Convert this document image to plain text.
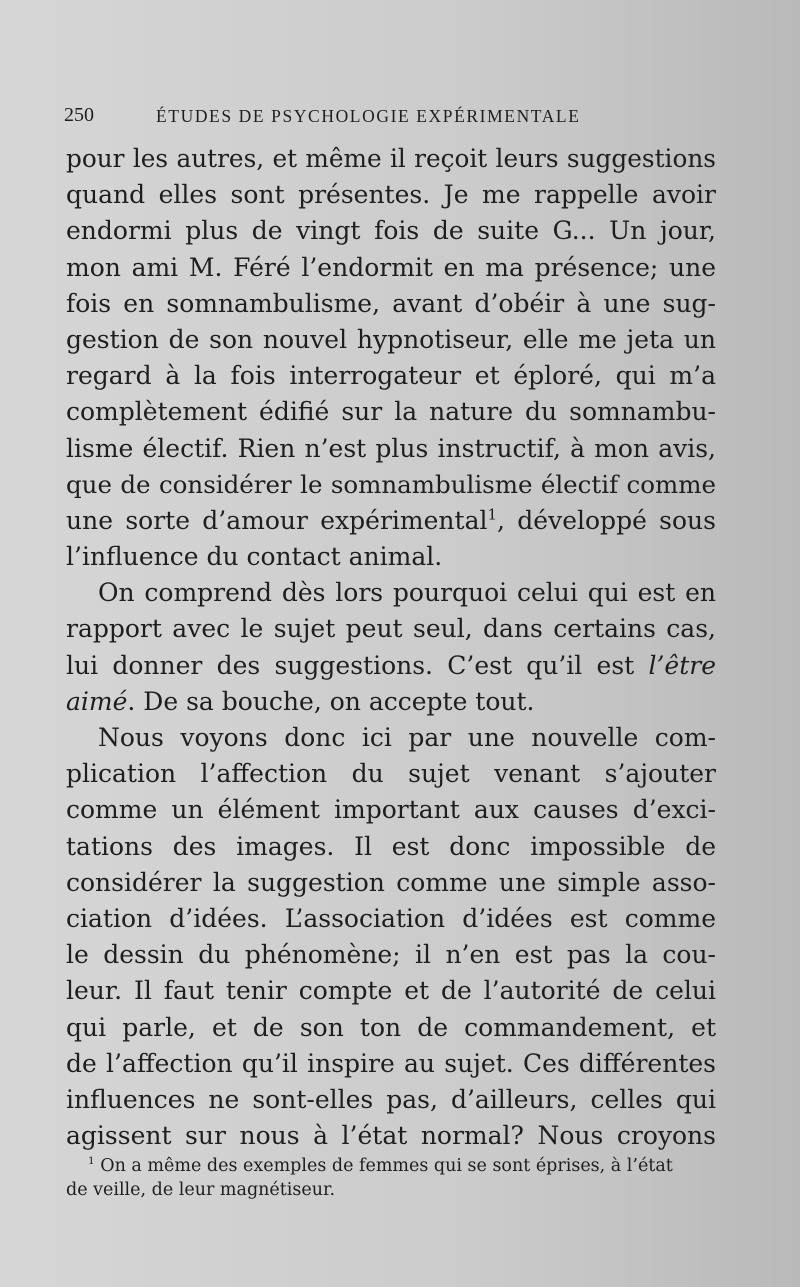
250	ÉTUDES DE PSYCHOLOGIE EXPÉRIMENTALE
pour les autres, et même il reçoit leurs suggestions
quand elles sont présentes. Je me rappelle avoir
endormi plus de vingt fois de suite G... Un jour,
mon ami M. Féré l’endormit en ma présence; une
fois en somnambulisme, avant d’obéir à une sug-
gestion de son nouvel hypnotiseur, elle me jeta un
regard à la fois interrogateur et éploré, qui m’a
complètement édifié sur la nature du somnambu-
lisme électif. Rien n’est plus instructif, à mon avis,
que de considérer le somnambulisme électif comme
une sorte d’amour expérimental$^1$, développé sous
l’influence du contact animal.
On comprend dès lors pourquoi celui qui est en
rapport avec le sujet peut seul, dans certains cas,
lui donner des suggestions. C’est qu’il est l’être
aimé. De sa bouche, on accepte tout.
Nous voyons donc ici par une nouvelle com-
plication l’affection du sujet venant s’ajouter
comme un élément important aux causes d’exci-
tations des images. Il est donc impossible de
considérer la suggestion comme une simple asso-
ciation d’idées. L’association d’idées est comme
le dessin du phénomène; il n’en est pas la cou-
leur. Il faut tenir compte et de l’autorité de celui
qui parle, et de son ton de commandement, et
de l’affection qu’il inspire au sujet. Ces différentes
influences ne sont-elles pas, d’ailleurs, celles qui
agissent sur nous à l’état normal? Nous croyons
$^1$ On a même des exemples de femmes qui se sont éprises, à l’état
de veille, de leur magnétiseur.
